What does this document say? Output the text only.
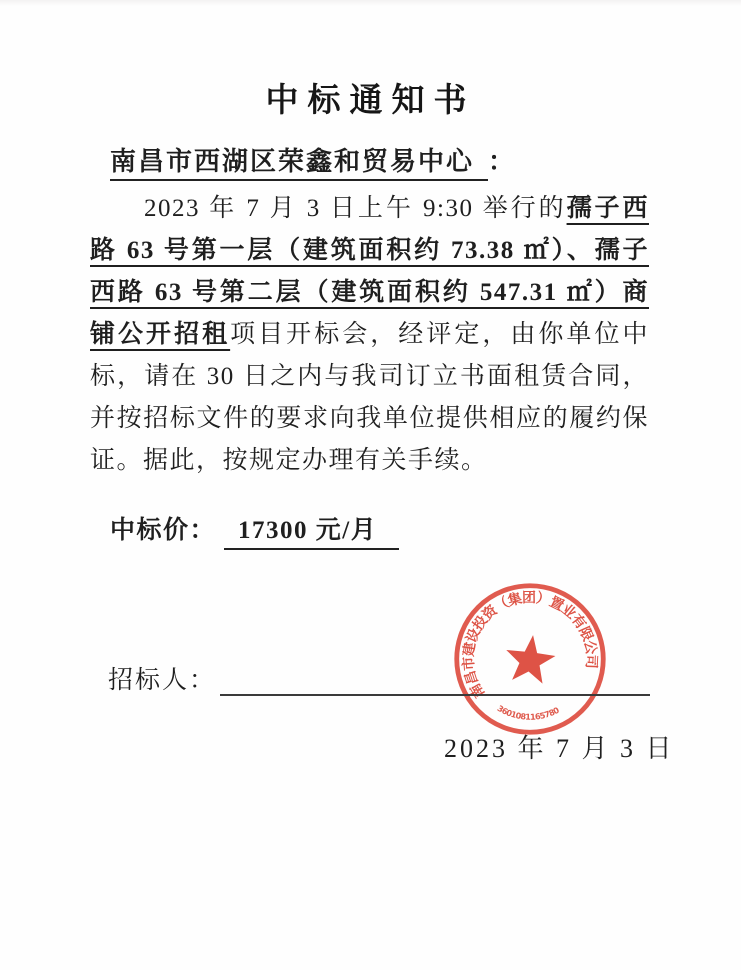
中标通知书
南昌市西湖区荣鑫和贸易中心 ：

2023 年 7 月 3 日上午 9:30 举行的孺子西路 63 号第一层（建筑面积约 73.38 ㎡）、孺子西路 63 号第二层（建筑面积约 547.31 ㎡）商铺公开招租项目开标会，经评定，由你单位中标，请在 30 日之内与我司订立书面租赁合同，并按招标文件的要求向我单位提供相应的履约保证。据此，按规定办理有关手续。

中标价： 17300 元/月
招标人：	南昌市建设投资（集团）置业有限公司
3601081165780
2023 年 7 月 3 日
